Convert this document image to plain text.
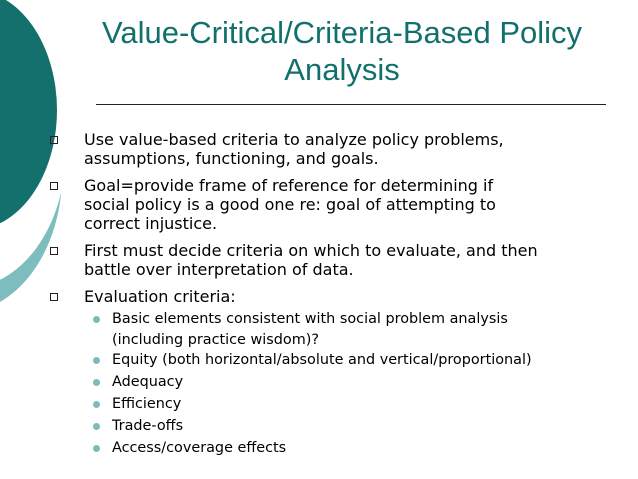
Value-Critical/Criteria-Based Policy
Analysis
Use value-based criteria to analyze policy problems,
assumptions, functioning, and goals.
Goal=provide frame of reference for determining if
social policy is a good one re: goal of attempting to
correct injustice.
First must decide criteria on which to evaluate, and then
battle over interpretation of data.
Evaluation criteria:
Basic elements consistent with social problem analysis
(including practice wisdom)?
Equity (both horizontal/absolute and vertical/proportional)
Adequacy
Efficiency
Trade-offs
Access/coverage effects
